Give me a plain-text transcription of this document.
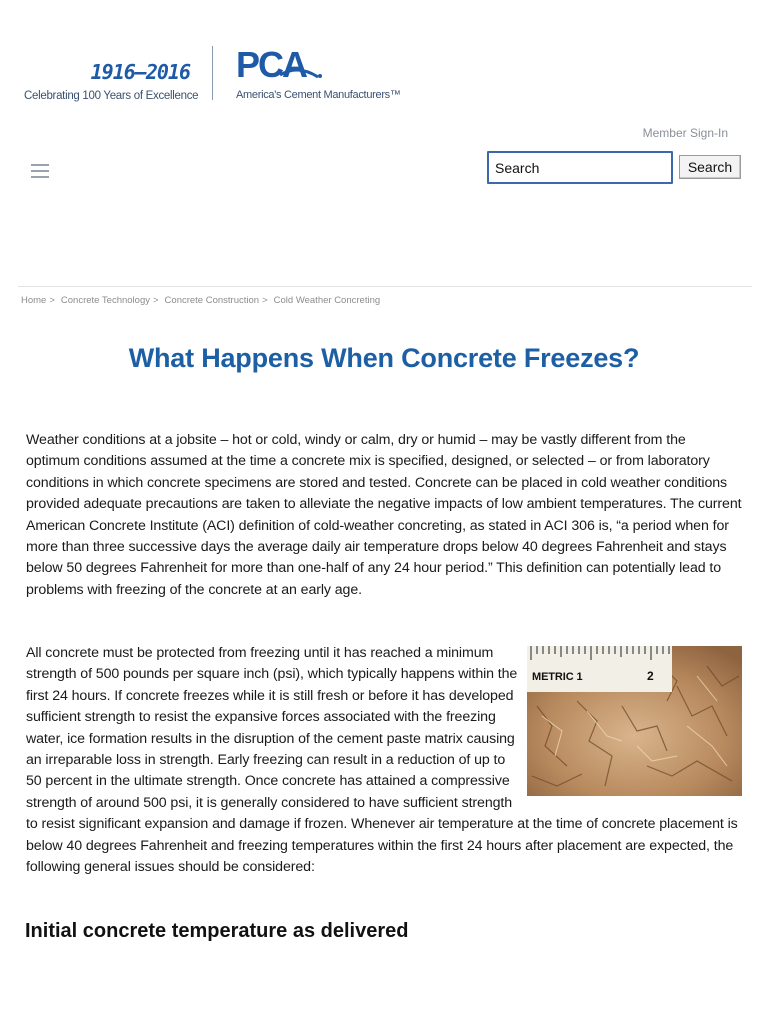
1916–2016
Celebrating 100 Years of Excellence
PCA
America's Cement Manufacturers™
Member Sign-In
Search
Search
Home > Concrete Technology > Concrete Construction > Cold Weather Concreting
What Happens When Concrete Freezes?

Weather conditions at a jobsite – hot or cold, windy or calm, dry or humid – may be vastly different from the optimum conditions assumed at the time a concrete mix is specified, designed, or selected – or from laboratory conditions in which concrete specimens are stored and tested. Concrete can be placed in cold weather conditions provided adequate precautions are taken to alleviate the negative impacts of low ambient temperatures. The current American Concrete Institute (ACI) definition of cold-weather concreting, as stated in ACI 306 is, “a period when for more than three successive days the average daily air temperature drops below 40 degrees Fahrenheit and stays below 50 degrees Fahrenheit for more than one-half of any 24 hour period.” This definition can potentially lead to problems with freezing of the concrete at an early age.

METRIC 1	2
All concrete must be protected from freezing until it has reached a minimum strength of 500 pounds per square inch (psi), which typically happens within the first 24 hours. If concrete freezes while it is still fresh or before it has developed sufficient strength to resist the expansive forces associated with the freezing water, ice formation results in the disruption of the cement paste matrix causing an irreparable loss in strength. Early freezing can result in a reduction of up to 50 percent in the ultimate strength. Once concrete has attained a compressive strength of around 500 psi, it is generally considered to have sufficient strength to resist significant expansion and damage if frozen. Whenever air temperature at the time of concrete placement is below 40 degrees Fahrenheit and freezing temperatures within the first 24 hours after placement are expected, the following general issues should be considered:
Initial concrete temperature as delivered
